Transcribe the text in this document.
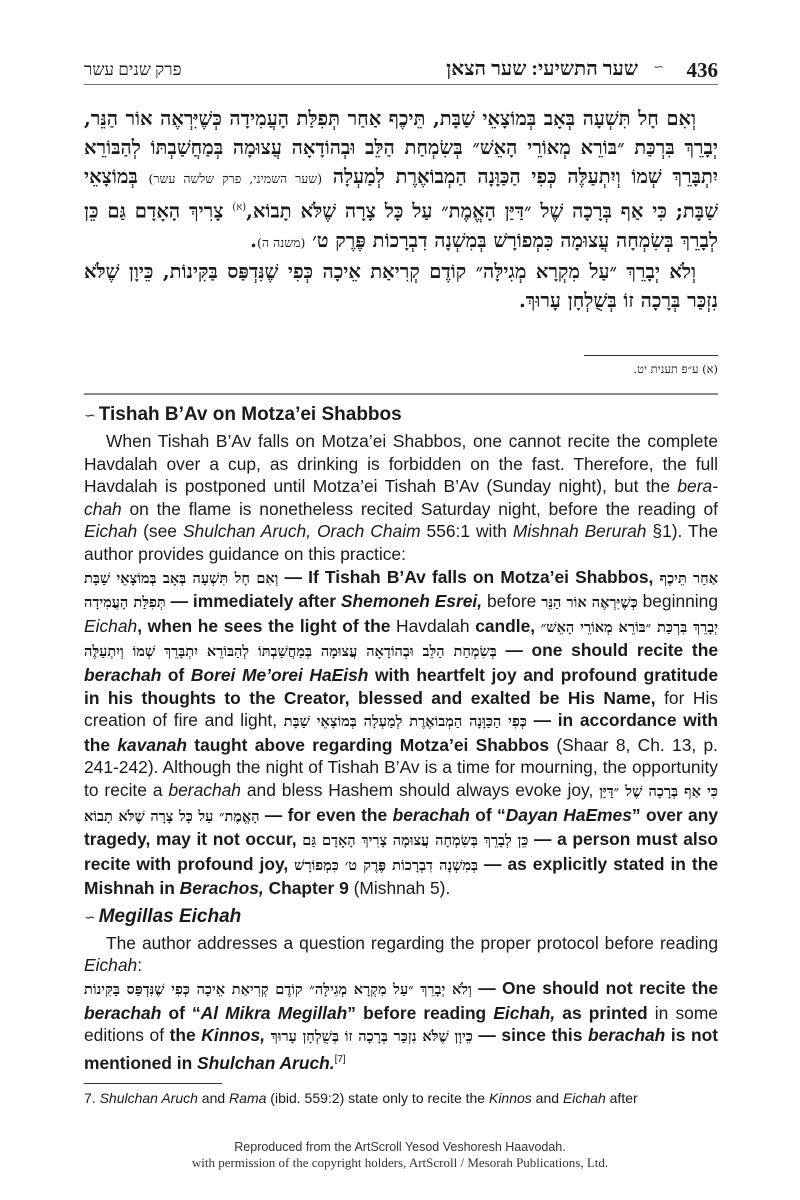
436
∽
שער התשיעי: שער הצאן
פרק שנים עשר

וְאִם חָל תִּשְׁעָה בְּאָב בְּמוֹצָאֵי שַׁבָּת, תֵּיכֶף אַחַר תְּפִלַּת הָעֲמִידָה כְּשֶׁיִּרְאֶה אוֹר הַנֵּר, יְבָרֵךְ בִּרְכַּת ״בּוֹרֵא מְאוֹרֵי הָאֵשׁ״ בְּשִׂמְחַת הַלֵּב וּבְהוֹדָאָה עֲצוּמָה בְּמַחֲשַׁבְתּוֹ לְהַבּוֹרֵא יִתְבָּרֵךְ שְׁמוֹ וְיִתְעַלֶּה כְּפִי הַכַּוָּנָה הַמְבוֹאֶרֶת לְמַעְלָה (שער השמיני, פרק שלשה עשר) בְּמוֹצָאֵי שַׁבָּת; כִּי אַף בְּרָכָה שֶׁל ״דַּיַּן הָאֱמֶת״ עַל כָּל צָרָה שֶׁלֹּא תָבוֹא,$^{(א)}$ צָרִיךְ הָאָדָם גַּם כֵּן לְבָרֵךְ בְּשִׂמְחָה עֲצוּמָה כִּמְפוֹרָשׁ בְּמִשְׁנָה דִבְרָכוֹת פֶּרֶק ט׳ (משנה ה).

וְלֹא יְבָרֵךְ ״עַל מִקְרָא מְגִילָּה״ קוֹדֶם קְרִיאַת אֵיכָה כְּפִי שֶׁנִּדְפַּס בַּקִּינוֹת, כֵּיוָן שֶׁלֹּא נִזְכַּר בְּרָכָה זוֹ בְּשֻׁלְחָן עָרוּךְ.

(א) ע״פ תענית יט.
∽ Tishah B’Av on Motza’ei Shabbos

When Tishah B’Av falls on Motza’ei Shabbos, one cannot recite the complete Havdalah over a cup, as drinking is forbidden on the fast. Therefore, the full Havdalah is postponed until Motza’ei Tishah B’Av (Sunday night), but the berachah on the flame is nonetheless recited Saturday night, before the reading of Eichah (see Shulchan Aruch, Orach Chaim 556:1 with Mishnah Berurah §1). The author provides guidance on this practice:

וְאִם חָל תִּשְׁעָה בְּאָב בְּמוֹצָאֵי שַׁבָּת — If Tishah B’Av falls on Motza’ei Shabbos, תֵּיכֶף אַחַר תְּפִלַּת הָעֲמִידָה — immediately after Shemoneh Esrei, before כְּשֶׁיִּרְאֶה אוֹר הַנֵּר beginning Eichah, when he sees the light of the Havdalah candle, יְבָרֵךְ בִּרְכַּת ״בּוֹרֵא מְאוֹרֵי הָאֵשׁ״ בְּשִׂמְחַת הַלֵּב וּבְהוֹדָאָה עֲצוּמָה בְּמַחֲשַׁבְתּוֹ לְהַבּוֹרֵא יִתְבָּרֵךְ שְׁמוֹ וְיִתְעַלֶּה — one should recite the berachah of Borei Me’orei HaEish with heartfelt joy and profound gratitude in his thoughts to the Creator, blessed and exalted be His Name, for His creation of fire and light, כְּפִי הַכַּוָּנָה הַמְבוֹאֶרֶת לְמַעְלָה בְּמוֹצָאֵי שַׁבָּת — in accordance with the kavanah taught above regarding Motza’ei Shabbos (Shaar 8, Ch. 13, p. 241-242). Although the night of Tishah B’Av is a time for mourning, the opportunity to recite a berachah and bless Hashem should always evoke joy, כִּי אַף בְּרָכָה שֶׁל ״דַּיַּן הָאֱמֶת״ עַל כָּל צָרָה שֶׁלֹּא תָבוֹא — for even the berachah of “Dayan HaEmes” over any tragedy, may it not occur, צָרִיךְ הָאָדָם גַּם כֵּן לְבָרֵךְ בְּשִׂמְחָה עֲצוּמָה — a person must also recite with profound joy, כִּמְפוֹרָשׁ בְּמִשְׁנָה דִבְרָכוֹת פֶּרֶק ט׳ — as explicitly stated in the Mishnah in Berachos, Chapter 9 (Mishnah 5).

∽ Megillas Eichah

The author addresses a question regarding the proper protocol before reading Eichah:

וְלֹא יְבָרֵךְ ״עַל מִקְרָא מְגִילָּה״ קוֹדֶם קְרִיאַת אֵיכָה כְּפִי שֶׁנִּדְפַּס בַּקִּינוֹת — One should not recite the berachah of “Al Mikra Megillah” before reading Eichah, as printed in some editions of the Kinnos, כֵּיוָן שֶׁלֹּא נִזְכַּר בְּרָכָה זוֹ בְּשֻׁלְחָן עָרוּךְ — since this berachah is not mentioned in Shulchan Aruch.[7]

7. Shulchan Aruch and Rama (ibid. 559:2) state only to recite the Kinnos and Eichah after
Reproduced from the ArtScroll Yesod Veshoresh Haavodah.
with permission of the copyright holders, ArtScroll / Mesorah Publications, Ltd.
